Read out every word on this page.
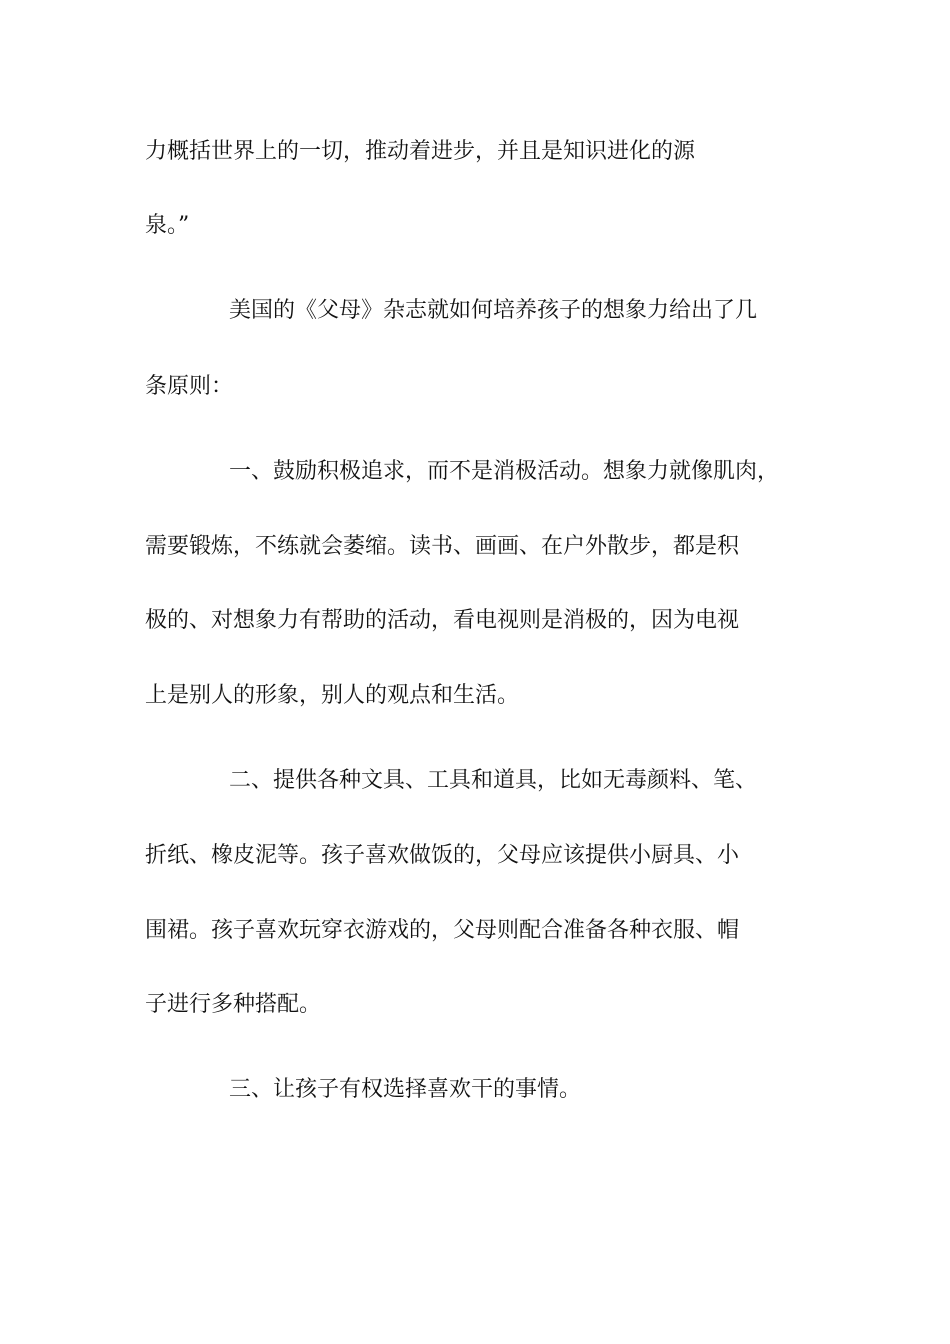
力概括世界上的一切，推动着进步，并且是知识进化的源
泉。”
美国的《父母》杂志就如何培养孩子的想象力给出了几
条原则：
一、鼓励积极追求，而不是消极活动。想象力就像肌肉，
需要锻炼，不练就会萎缩。读书、画画、在户外散步，都是积
极的、对想象力有帮助的活动，看电视则是消极的，因为电视
上是别人的形象，别人的观点和生活。
二、提供各种文具、工具和道具，比如无毒颜料、笔、
折纸、橡皮泥等。孩子喜欢做饭的，父母应该提供小厨具、小
围裙。孩子喜欢玩穿衣游戏的，父母则配合准备各种衣服、帽
子进行多种搭配。
三、让孩子有权选择喜欢干的事情。
